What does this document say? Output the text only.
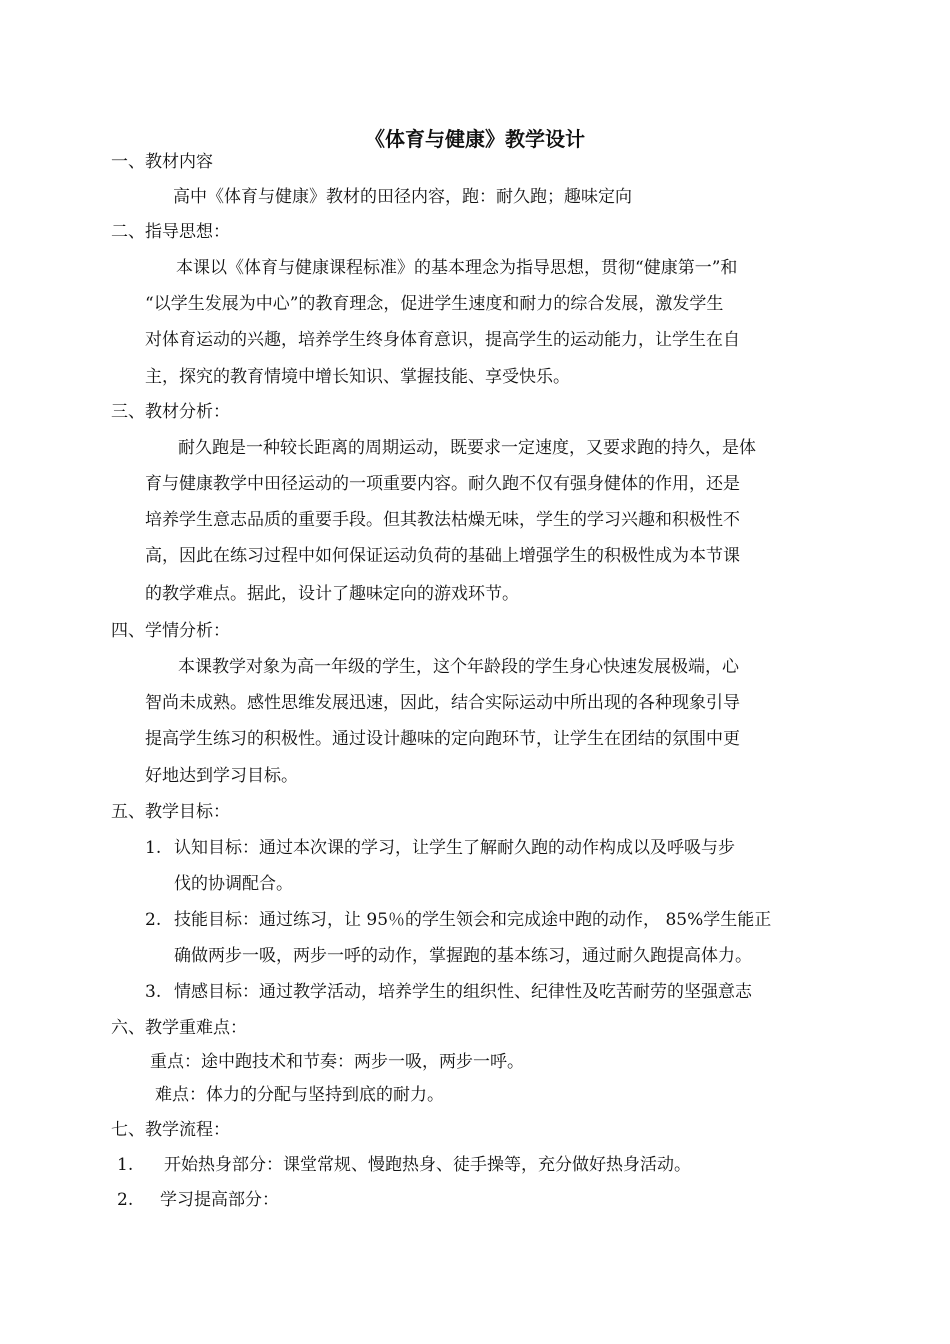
《体育与健康》教学设计
一、教材内容
高中《体育与健康》教材的田径内容，跑：耐久跑；趣味定向
二、指导思想：
本课以《体育与健康课程标准》的基本理念为指导思想，贯彻“健康第一”和
“以学生发展为中心”的教育理念，促进学生速度和耐力的综合发展，激发学生
对体育运动的兴趣，培养学生终身体育意识，提高学生的运动能力，让学生在自
主，探究的教育情境中增长知识、掌握技能、享受快乐。
三、教材分析：
耐久跑是一种较长距离的周期运动，既要求一定速度，又要求跑的持久，是体
育与健康教学中田径运动的一项重要内容。耐久跑不仅有强身健体的作用，还是
培养学生意志品质的重要手段。但其教法枯燥无味，学生的学习兴趣和积极性不
高，因此在练习过程中如何保证运动负荷的基础上增强学生的积极性成为本节课
的教学难点。据此，设计了趣味定向的游戏环节。
四、学情分析：
本课教学对象为高一年级的学生，这个年龄段的学生身心快速发展极端，心
智尚未成熟。感性思维发展迅速，因此，结合实际运动中所出现的各种现象引导
提高学生练习的积极性。通过设计趣味的定向跑环节，让学生在团结的氛围中更
好地达到学习目标。
五、教学目标：
1. 认知目标：通过本次课的学习，让学生了解耐久跑的动作构成以及呼吸与步
伐的协调配合。
2. 技能目标：通过练习，让 95％的学生领会和完成途中跑的动作， 85%学生能正
确做两步一吸，两步一呼的动作，掌握跑的基本练习，通过耐久跑提高体力。
3. 情感目标：通过教学活动，培养学生的组织性、纪律性及吃苦耐劳的坚强意志
六、教学重难点：
重点：途中跑技术和节奏：两步一吸，两步一呼。
难点：体力的分配与坚持到底的耐力。
七、教学流程：
1. 开始热身部分：课堂常规、慢跑热身、徒手操等，充分做好热身活动。
2. 学习提高部分：
